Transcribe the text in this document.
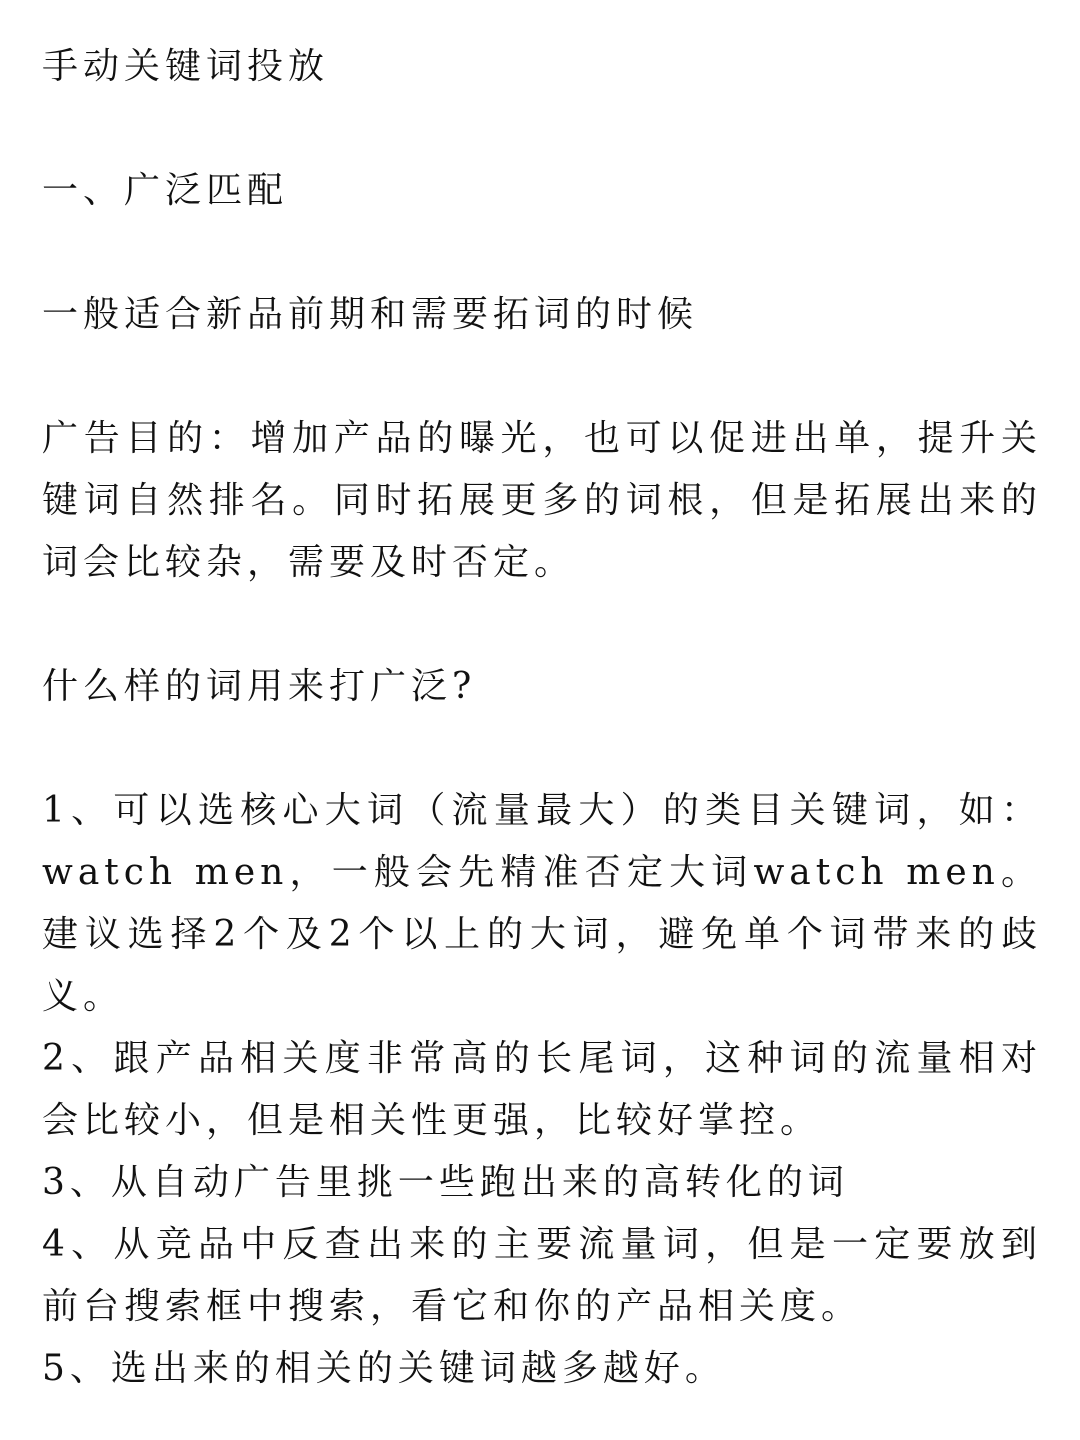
手动关键词投放

一、广泛匹配

一般适合新品前期和需要拓词的时候

广告目的：增加产品的曝光，也可以促进出单，提升关键词自然排名。同时拓展更多的词根，但是拓展出来的词会比较杂，需要及时否定。

什么样的词用来打广泛?

1、可以选核心大词（流量最大）的类目关键词，如：watch men，一般会先精准否定大词watch men。建议选择2个及2个以上的大词，避免单个词带来的歧义。

2、跟产品相关度非常高的长尾词，这种词的流量相对会比较小，但是相关性更强，比较好掌控。

3、从自动广告里挑一些跑出来的高转化的词

4、从竞品中反查出来的主要流量词，但是一定要放到前台搜索框中搜索，看它和你的产品相关度。

5、选出来的相关的关键词越多越好。
